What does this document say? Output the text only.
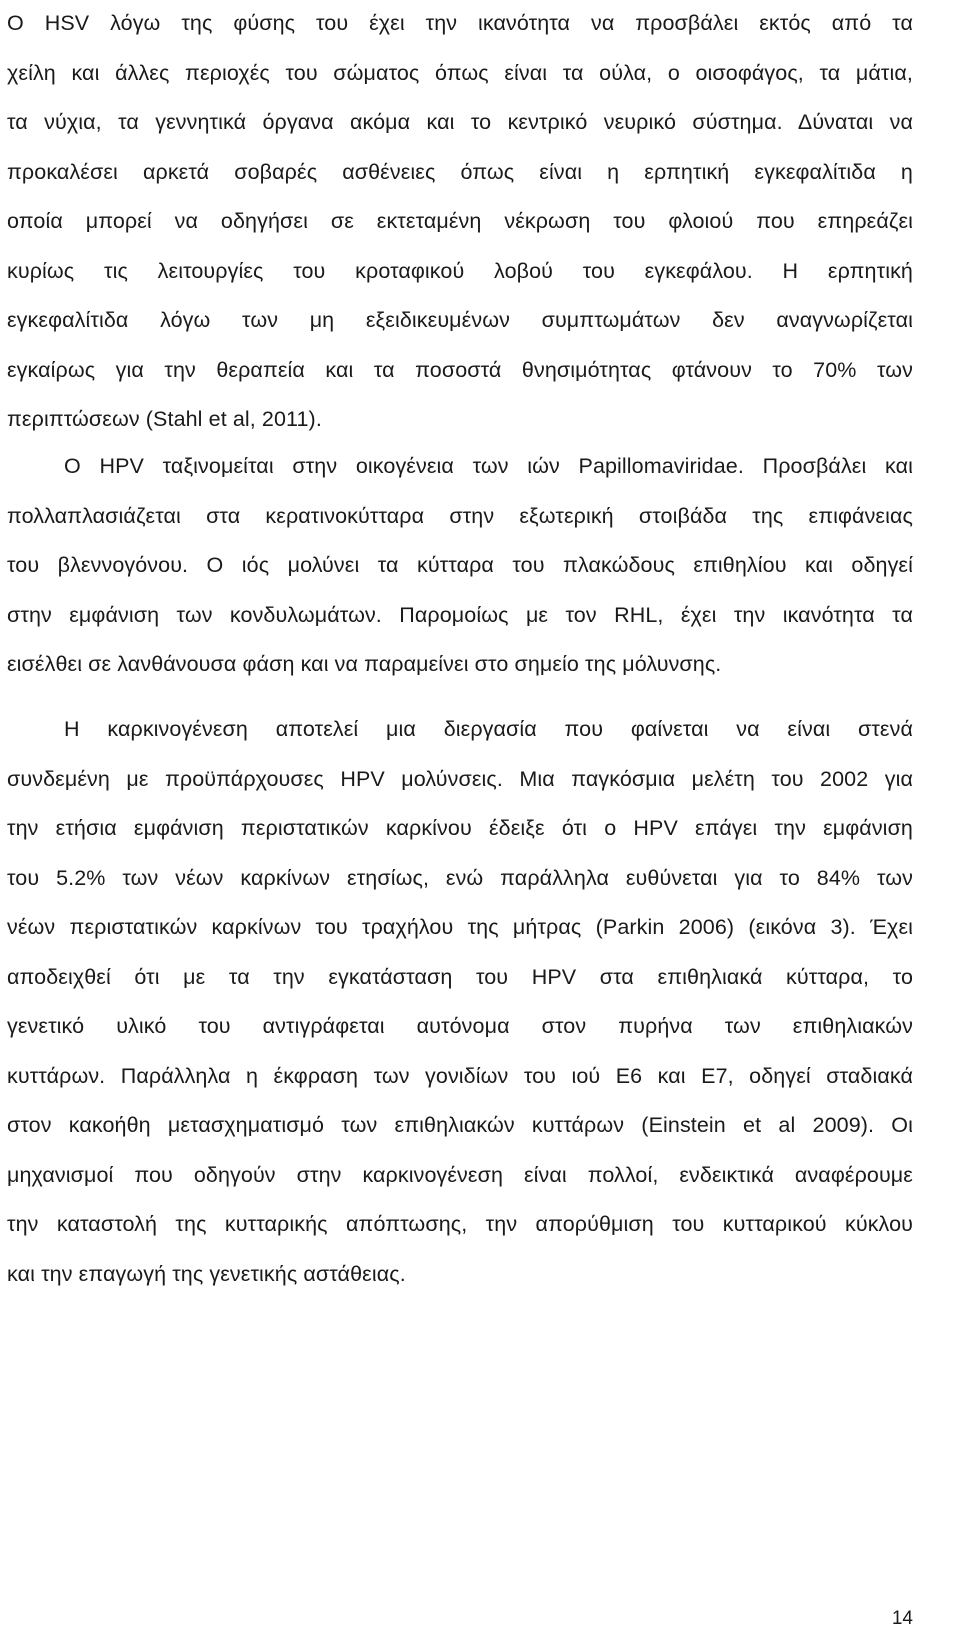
Ο HSV λόγω της φύσης του έχει την ικανότητα να προσβάλει εκτός από τα
χείλη και άλλες περιοχές του σώματος όπως είναι τα ούλα, ο οισοφάγος, τα μάτια,
τα νύχια, τα γεννητικά όργανα ακόμα και το κεντρικό νευρικό σύστημα. Δύναται να
προκαλέσει αρκετά σοβαρές ασθένειες όπως είναι η ερπητική εγκεφαλίτιδα η
οποία μπορεί να οδηγήσει σε εκτεταμένη νέκρωση του φλοιού που επηρεάζει
κυρίως τις λειτουργίες του κροταφικού λοβού του εγκεφάλου. Η ερπητική
εγκεφαλίτιδα λόγω των μη εξειδικευμένων συμπτωμάτων δεν αναγνωρίζεται
εγκαίρως για την θεραπεία και τα ποσοστά θνησιμότητας φτάνουν το 70% των
περιπτώσεων (Stahl et al, 2011).
Ο HPV ταξινομείται στην οικογένεια των ιών Papillomaviridae. Προσβάλει και
πολλαπλασιάζεται στα κερατινοκύτταρα στην εξωτερική στοιβάδα της επιφάνειας
του βλεννογόνου. Ο ιός μολύνει τα κύτταρα του πλακώδους επιθηλίου και οδηγεί
στην εμφάνιση των κονδυλωμάτων. Παρομοίως με τον RHL, έχει την ικανότητα τα
εισέλθει σε λανθάνουσα φάση και να παραμείνει στο σημείο της μόλυνσης.
Η καρκινογένεση αποτελεί μια διεργασία που φαίνεται να είναι στενά
συνδεμένη με προϋπάρχουσες HPV μολύνσεις. Μια παγκόσμια μελέτη του 2002 για
την ετήσια εμφάνιση περιστατικών καρκίνου έδειξε ότι ο HPV επάγει την εμφάνιση
του 5.2% των νέων καρκίνων ετησίως, ενώ παράλληλα ευθύνεται για το 84% των
νέων περιστατικών καρκίνων του τραχήλου της μήτρας (Parkin 2006) (εικόνα 3). Έχει
αποδειχθεί ότι με τα την εγκατάσταση του HPV στα επιθηλιακά κύτταρα, το
γενετικό υλικό του αντιγράφεται αυτόνομα στον πυρήνα των επιθηλιακών
κυττάρων. Παράλληλα η έκφραση των γονιδίων του ιού Ε6 και Ε7, οδηγεί σταδιακά
στον κακοήθη μετασχηματισμό των επιθηλιακών κυττάρων (Einstein et al 2009). Οι
μηχανισμοί που οδηγούν στην καρκινογένεση είναι πολλοί, ενδεικτικά αναφέρουμε
την καταστολή της κυτταρικής απόπτωσης, την απορύθμιση του κυτταρικού κύκλου
και την επαγωγή της γενετικής αστάθειας.
14
